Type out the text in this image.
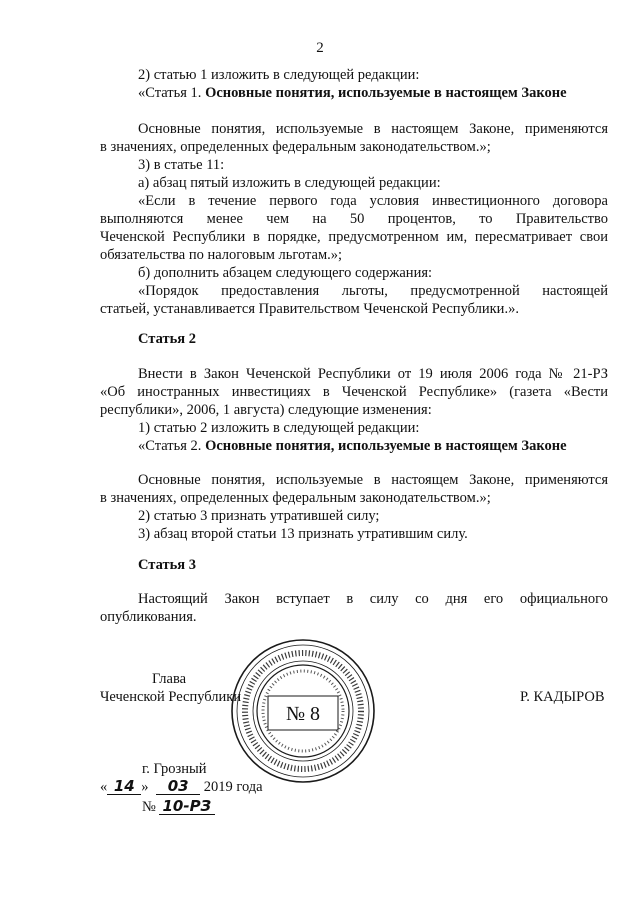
2
2) статью 1 изложить в следующей редакции:
«Статья 1. Основные понятия, используемые в настоящем Законе
Основные понятия, используемые в настоящем Законе, применяются
в значениях, определенных федеральным законодательством.»;
3) в статье 11:
а) абзац пятый изложить в следующей редакции:
«Если в течение первого года условия инвестиционного договора
выполняются менее чем на 50 процентов, то Правительство
Чеченской Республики в порядке, предусмотренном им, пересматривает свои
обязательства по налоговым льготам.»;
б) дополнить абзацем следующего содержания:
«Порядок предоставления льготы, предусмотренной настоящей
статьей, устанавливается Правительством Чеченской Республики.».
Статья 2
Внести в Закон Чеченской Республики от 19 июля 2006 года № 21-РЗ
«Об иностранных инвестициях в Чеченской Республике» (газета «Вести
республики», 2006, 1 августа) следующие изменения:
1) статью 2 изложить в следующей редакции:
«Статья 2. Основные понятия, используемые в настоящем Законе
Основные понятия, используемые в настоящем Законе, применяются
в значениях, определенных федеральным законодательством.»;
2) статью 3 признать утратившей силу;
3) абзац второй статьи 13 признать утратившим силу.
Статья 3
Настоящий Закон вступает в силу со дня его официального
опубликования.
Глава
Чеченской Республики	Р. КАДЫРОВ
№ 8
г. Грозный
« 14 » 03 2019 года
№ 10-РЗ
